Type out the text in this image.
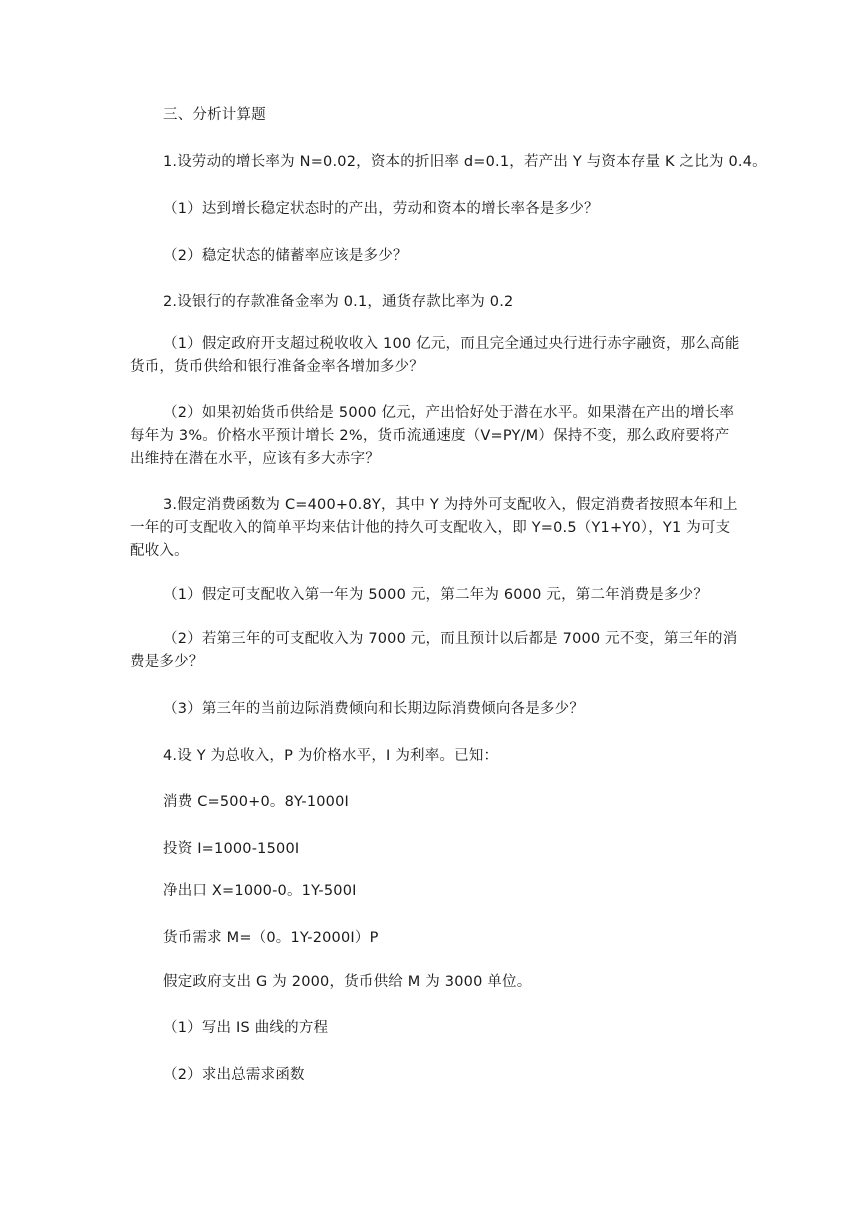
三、分析计算题
1.设劳动的增长率为 N=0.02，资本的折旧率 d=0.1，若产出 Y 与资本存量 K 之比为 0.4。
（1）达到增长稳定状态时的产出，劳动和资本的增长率各是多少？
（2）稳定状态的储蓄率应该是多少？
2.设银行的存款准备金率为 0.1，通货存款比率为 0.2
（1）假定政府开支超过税收收入 100 亿元，而且完全通过央行进行赤字融资，那么高能货币，货币供给和银行准备金率各增加多少？
（2）如果初始货币供给是 5000 亿元，产出恰好处于潜在水平。如果潜在产出的增长率每年为 3%。价格水平预计增长 2%，货币流通速度（V=PY/M）保持不变，那么政府要将产出维持在潜在水平，应该有多大赤字？
3.假定消费函数为 C=400+0.8Y，其中 Y 为持外可支配收入，假定消费者按照本年和上一年的可支配收入的简单平均来估计他的持久可支配收入，即 Y=0.5（Y1+Y0），Y1 为可支配收入。
（1）假定可支配收入第一年为 5000 元，第二年为 6000 元，第二年消费是多少？
（2）若第三年的可支配收入为 7000 元，而且预计以后都是 7000 元不变，第三年的消费是多少？
（3）第三年的当前边际消费倾向和长期边际消费倾向各是多少？
4.设 Y 为总收入，P 为价格水平，I 为利率。已知：
消费 C=500+0。8Y-1000I
投资 I=1000-1500I
净出口 X=1000-0。1Y-500I
货币需求 M=（0。1Y-2000I）P
假定政府支出 G 为 2000，货币供给 M 为 3000 单位。
（1）写出 IS 曲线的方程
（2）求出总需求函数
